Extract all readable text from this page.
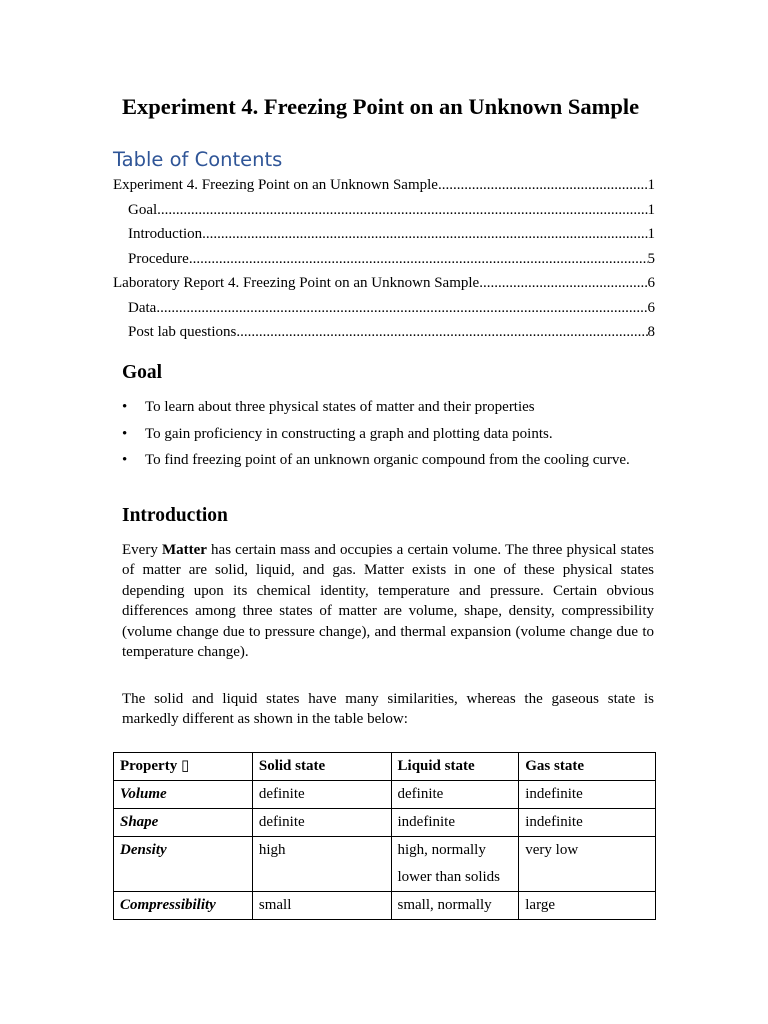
Experiment 4. Freezing Point on an Unknown Sample
Table of Contents
Experiment 4. Freezing Point on an Unknown Sample .....	1
Goal .....	1
Introduction .....	1
Procedure .....	5
Laboratory Report 4. Freezing Point on an Unknown Sample .....	6
Data .....	6
Post lab questions .....	8
Goal
• To learn about three physical states of matter and their properties
• To gain proficiency in constructing a graph and plotting data points.
• To find freezing point of an unknown organic compound from the cooling curve.
Introduction

Every Matter has certain mass and occupies a certain volume. The three physical states of matter are solid, liquid, and gas. Matter exists in one of these physical states depending upon its chemical identity, temperature and pressure. Certain obvious differences among three states of matter are volume, shape, density, compressibility (volume change due to pressure change), and thermal expansion (volume change due to temperature change).

The solid and liquid states have many similarities, whereas the gaseous state is markedly different as shown in the table below:

Property ▯	Solid state	Liquid state	Gas state
Volume	definite	definite	indefinite
Shape	definite	indefinite	indefinite
Density	high	high, normally lower than solids	very low
Compressibility	small	small, normally	large
